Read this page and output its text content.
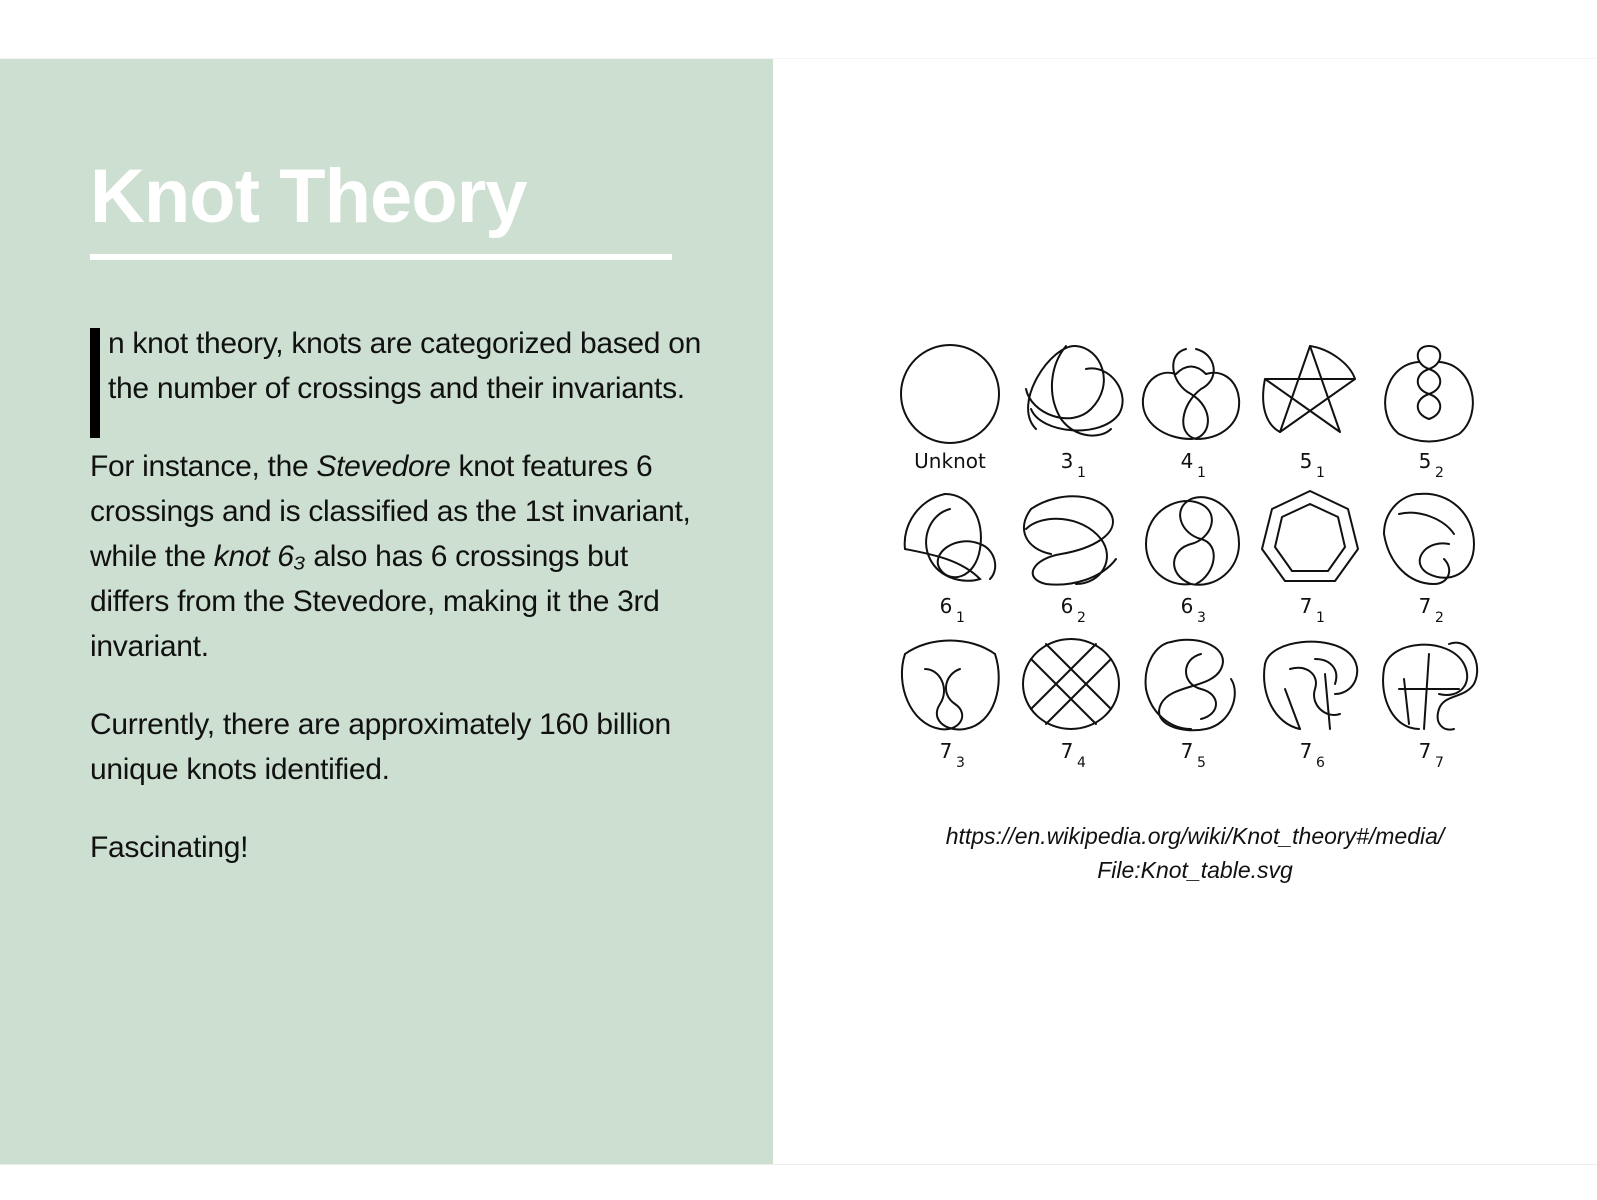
Knot Theory

n knot theory, knots are categorized based on the number of crossings and their invariants.

For instance, the Stevedore knot features 6 crossings and is classified as the 1st invariant, while the knot 6₃ also has 6 crossings but differs from the Stevedore, making it the 3rd invariant.

Currently, there are approximately 160 billion unique knots identified.

Fascinating!

Unknot	3 1	4 1	5 1	5 2
6 1	6 2	6 3	7 1	7 2
7 3	7 4	7 5	7 6	7 7
https://en.wikipedia.org/wiki/Knot_theory#/media/
File:Knot_table.svg
